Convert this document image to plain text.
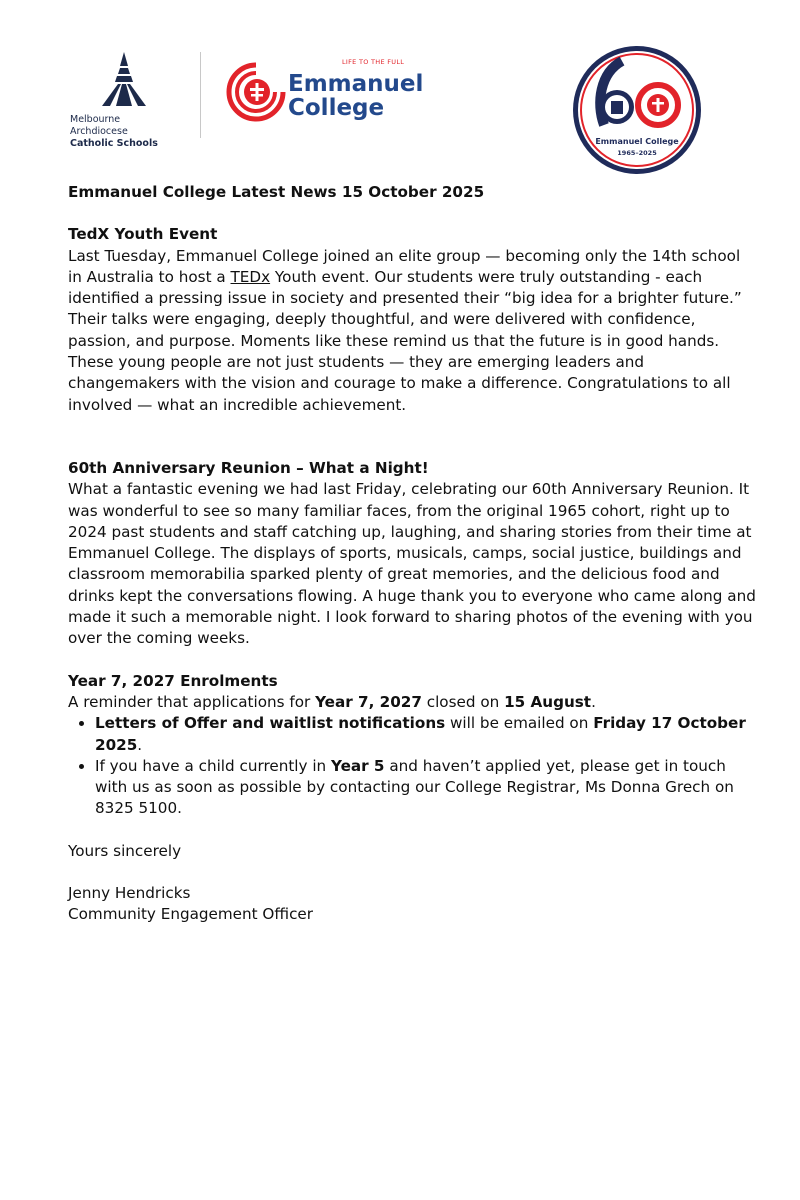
Melbourne Archdiocese
Catholic Schools
LIFE TO THE FULL
Emmanuel
College
Emmanuel College
1965–2025

Emmanuel College Latest News 15 October 2025

TedX Youth Event

Last Tuesday, Emmanuel College joined an elite group — becoming only the 14th school in Australia to host a TEDx Youth event. Our students were truly outstanding - each identified a pressing issue in society and presented their “big idea for a brighter future.” Their talks were engaging, deeply thoughtful, and were delivered with confidence, passion, and purpose. Moments like these remind us that the future is in good hands. These young people are not just students — they are emerging leaders and changemakers with the vision and courage to make a difference. Congratulations to all involved — what an incredible achievement.

60th Anniversary Reunion – What a Night!

What a fantastic evening we had last Friday, celebrating our 60th Anniversary Reunion. It was wonderful to see so many familiar faces, from the original 1965 cohort, right up to 2024 past students and staff catching up, laughing, and sharing stories from their time at Emmanuel College. The displays of sports, musicals, camps, social justice, buildings and classroom memorabilia sparked plenty of great memories, and the delicious food and drinks kept the conversations flowing. A huge thank you to everyone who came along and made it such a memorable night. I look forward to sharing photos of the evening with you over the coming weeks.

Year 7, 2027 Enrolments

A reminder that applications for Year 7, 2027 closed on 15 August.

• Letters of Offer and waitlist notifications will be emailed on Friday 17 October 2025.
• If you have a child currently in Year 5 and haven’t applied yet, please get in touch with us as soon as possible by contacting our College Registrar, Ms Donna Grech on 8325 5100.

Yours sincerely

Jenny Hendricks

Community Engagement Officer
